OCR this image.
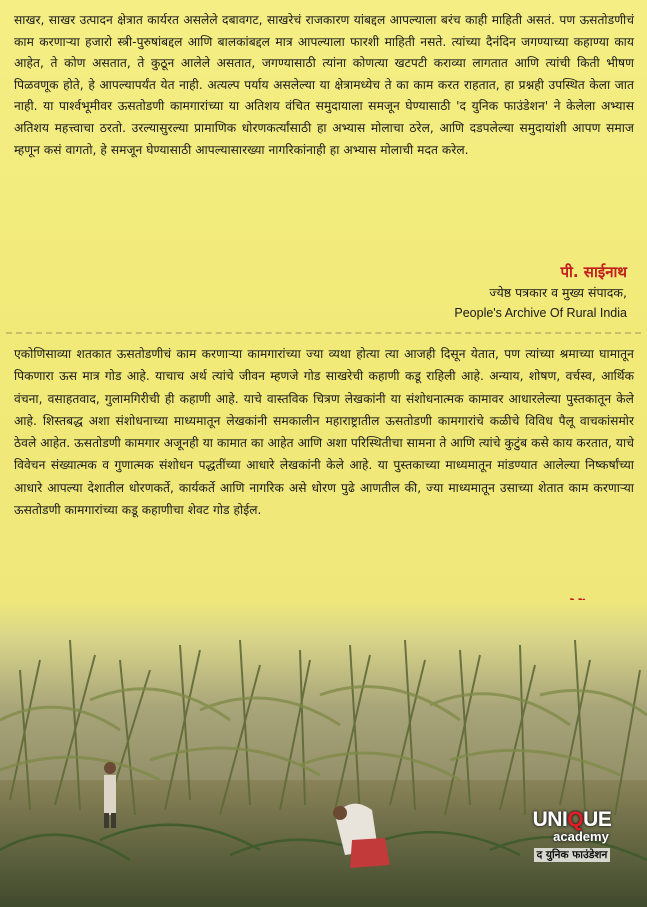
साखर, साखर उत्पादन क्षेत्रात कार्यरत असलेले दबावगट, साखरेचं राजकारण यांबद्दल आपल्याला बरंच काही माहिती असतं. पण ऊसतोडणीचं काम करणाऱ्या हजारो स्त्री-पुरुषांबद्दल आणि बालकांबद्दल मात्र आपल्याला फारशी माहिती नसते. त्यांच्या दैनंदिन जगण्याच्या कहाण्या काय आहेत, ते कोण असतात, ते कुठून आलेले असतात, जगण्यासाठी त्यांना कोणत्या खटपटी कराव्या लागतात आणि त्यांची किती भीषण पिळवणूक होते, हे आपल्यापर्यंत येत नाही. अत्यल्प पर्याय असलेल्या या क्षेत्रामध्येच ते का काम करत राहतात, हा प्रश्नही उपस्थित केला जात नाही. या पार्श्वभूमीवर ऊसतोडणी कामगारांच्या या अतिशय वंचित समुदायाला समजून घेण्यासाठी 'द युनिक फाउंडेशन' ने केलेला अभ्यास अतिशय महत्त्वाचा ठरतो. उरल्यासुरल्या प्रामाणिक धोरणकर्त्यांसाठी हा अभ्यास मोलाचा ठरेल, आणि दडपलेल्या समुदायांशी आपण समाज म्हणून कसं वागतो, हे समजून घेण्यासाठी आपल्यासारख्या नागरिकांनाही हा अभ्यास मोलाची मदत करेल.

पी. साईनाथ
ज्येष्ठ पत्रकार व मुख्य संपादक,
People's Archive Of Rural India

एकोणिसाव्या शतकात ऊसतोडणीचं काम करणाऱ्या कामगारांच्या ज्या व्यथा होत्या त्या आजही दिसून येतात, पण त्यांच्या श्रमाच्या घामातून पिकणारा ऊस मात्र गोड आहे. याचाच अर्थ त्यांचे जीवन म्हणजे गोड साखरेची कहाणी कडू राहिली आहे. अन्याय, शोषण, वर्चस्व, आर्थिक वंचना, वसाहतवाद, गुलामगिरीची ही कहाणी आहे. याचे वास्तविक चित्रण लेखकांनी या संशोधनात्मक कामावर आधारलेल्या पुस्तकातून केले आहे. शिस्तबद्ध अशा संशोधनाच्या माध्यमातून लेखकांनी समकालीन महाराष्ट्रातील ऊसतोडणी कामगारांचे कळीचे विविध पैलू वाचकांसमोर ठेवले आहेत. ऊसतोडणी कामगार अजूनही या कामात का आहेत आणि अशा परिस्थितीचा सामना ते आणि त्यांचे कुटुंब कसे काय करतात, याचे विवेचन संख्यात्मक व गुणात्मक संशोधन पद्धतींच्या आधारे लेखकांनी केले आहे. या पुस्तकाच्या माध्यमातून मांडण्यात आलेल्या निष्कर्षांच्या आधारे आपल्या देशातील धोरणकर्ते, कार्यकर्ते आणि नागरिक असे धोरण पुढे आणतील की, ज्या माध्यमातून उसाच्या शेतात काम करणाऱ्या ऊसतोडणी कामगारांच्या कडू कहाणीचा शेवट गोड होईल.

UNIQUE
academy
द युनिक फाउंडेशन
